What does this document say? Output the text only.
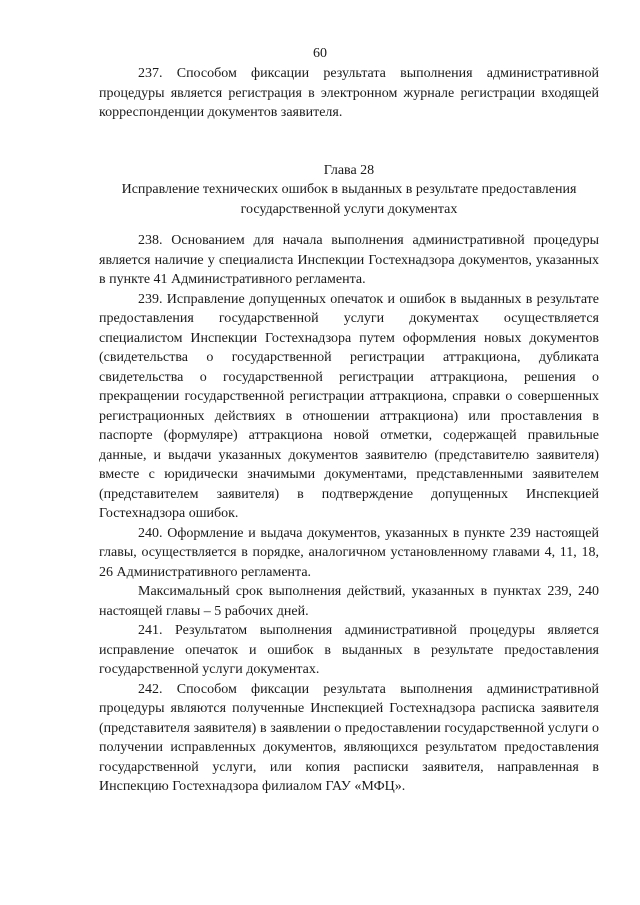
60

237. Способом фиксации результата выполнения административной процедуры является регистрация в электронном журнале регистрации входящей корреспонденции документов заявителя.

Глава 28
Исправление технических ошибок в выданных в результате предоставления государственной услуги документах

238. Основанием для начала выполнения административной процедуры является наличие у специалиста Инспекции Гостехнадзора документов, указанных в пункте 41 Административного регламента.

239. Исправление допущенных опечаток и ошибок в выданных в результате предоставления государственной услуги документах осуществляется специалистом Инспекции Гостехнадзора путем оформления новых документов (свидетельства о государственной регистрации аттракциона, дубликата свидетельства о государственной регистрации аттракциона, решения о прекращении государственной регистрации аттракциона, справки о совершенных регистрационных действиях в отношении аттракциона) или проставления в паспорте (формуляре) аттракциона новой отметки, содержащей правильные данные, и выдачи указанных документов заявителю (представителю заявителя) вместе с юридически значимыми документами, представленными заявителем (представителем заявителя) в подтверждение допущенных Инспекцией Гостехнадзора ошибок.

240. Оформление и выдача документов, указанных в пункте 239 настоящей главы, осуществляется в порядке, аналогичном установленному главами 4, 11, 18, 26 Административного регламента.

Максимальный срок выполнения действий, указанных в пунктах 239, 240 настоящей главы – 5 рабочих дней.

241. Результатом выполнения административной процедуры является исправление опечаток и ошибок в выданных в результате предоставления государственной услуги документах.

242. Способом фиксации результата выполнения административной процедуры являются полученные Инспекцией Гостехнадзора расписка заявителя (представителя заявителя) в заявлении о предоставлении государственной услуги о получении исправленных документов, являющихся результатом предоставления государственной услуги, или копия расписки заявителя, направленная в Инспекцию Гостехнадзора филиалом ГАУ «МФЦ».
